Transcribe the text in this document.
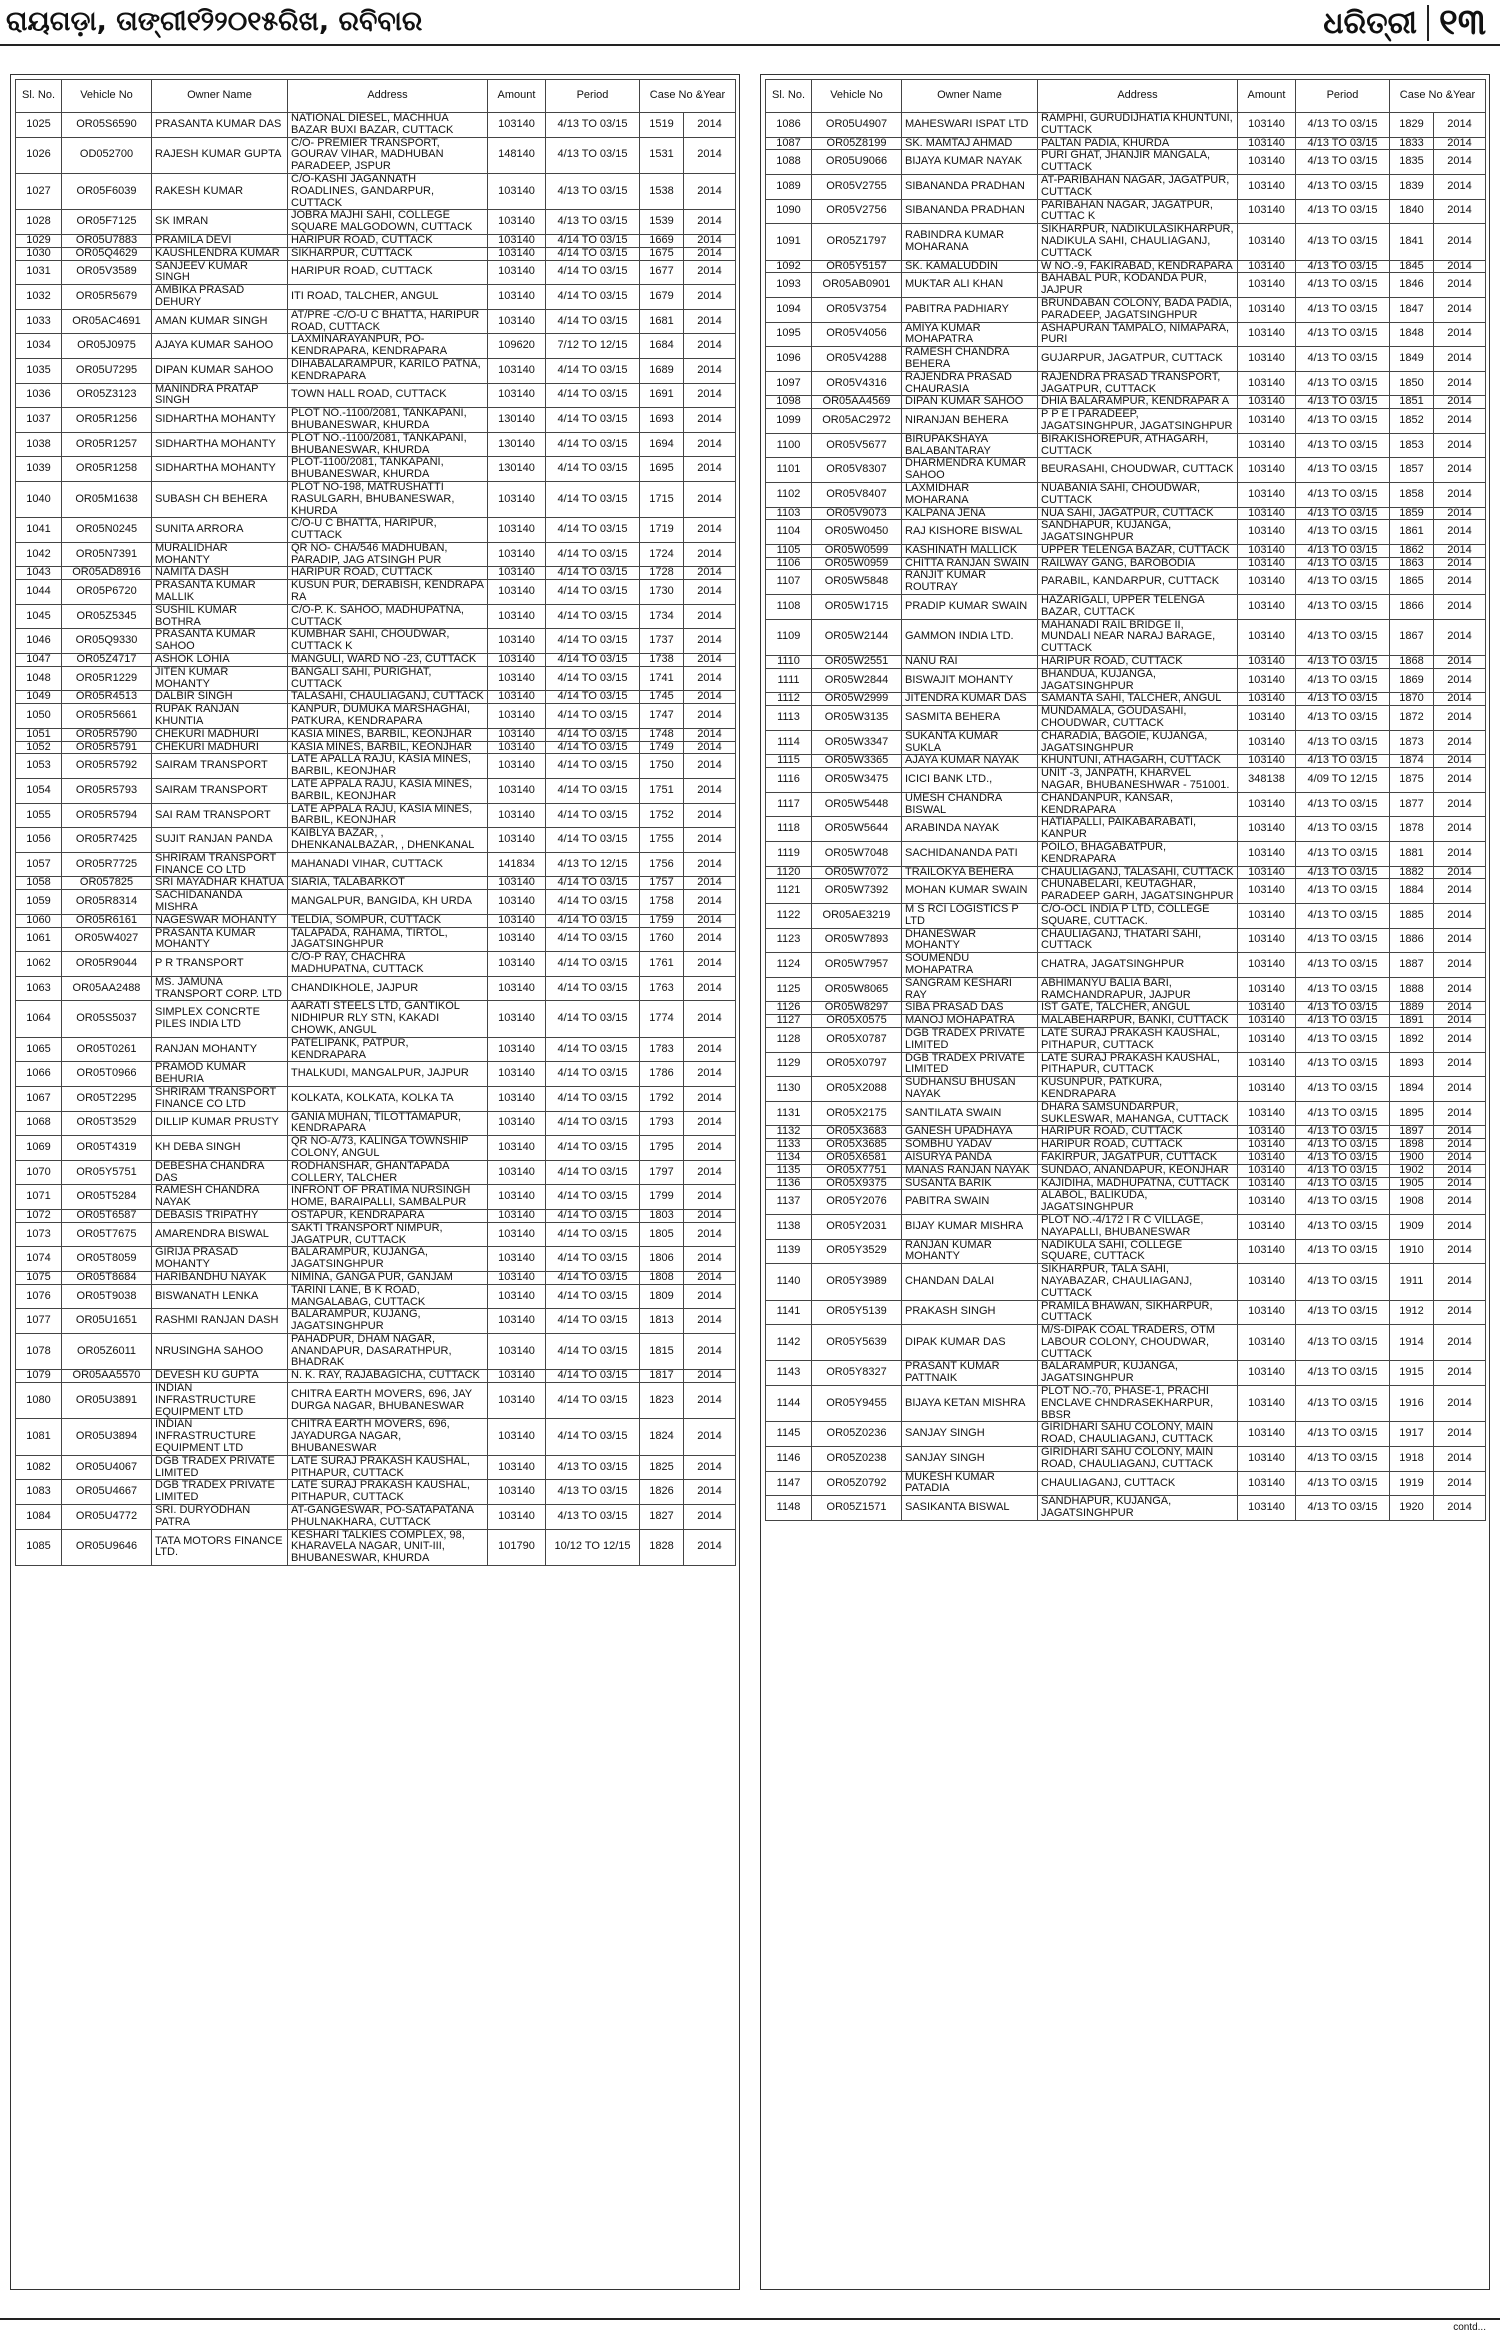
ରାୟଗଡ଼ା, ତାଙ୍ଗୀ୧୨ି୨୦୧୫ରିଖ, ରବିବାର	ଧରିତ୍ରୀ ୧୩
Sl. No.	Vehicle No	Owner Name	Address	Amount	Period	Case No &Year	
1025	OR05S6590	PRASANTA KUMAR DAS	NATIONAL DIESEL, MACHHUA BAZAR BUXI BAZAR, CUTTACK	103140	4/13 TO 03/15	1519	2014
1026	OD052700	RAJESH KUMAR GUPTA	C/O- PREMIER TRANSPORT, GOURAV VIHAR, MADHUBAN PARADEEP, JSPUR	148140	4/13 TO 03/15	1531	2014
1027	OR05F6039	RAKESH KUMAR	C/O-KASHI JAGANNATH ROADLINES, GANDARPUR, CUTTACK	103140	4/13 TO 03/15	1538	2014
1028	OR05F7125	SK IMRAN	JOBRA MAJHI SAHI, COLLEGE SQUARE MALGODOWN, CUTTACK	103140	4/13 TO 03/15	1539	2014
1029	OR05U7883	PRAMILA DEVI	HARIPUR ROAD, CUTTACK	103140	4/14 TO 03/15	1669	2014
1030	OR05Q4629	KAUSHLENDRA KUMAR	SIKHARPUR, CUTTACK	103140	4/14 TO 03/15	1675	2014
1031	OR05V3589	SANJEEV KUMAR SINGH	HARIPUR ROAD, CUTTACK	103140	4/14 TO 03/15	1677	2014
1032	OR05R5679	AMBIKA PRASAD DEHURY	ITI ROAD, TALCHER, ANGUL	103140	4/14 TO 03/15	1679	2014
1033	OR05AC4691	AMAN KUMAR SINGH	AT/PRE -C/O-U C BHATTA, HARIPUR ROAD, CUTTACK	103140	4/14 TO 03/15	1681	2014
1034	OR05J0975	AJAYA KUMAR SAHOO	LAXMINARAYANPUR, PO-KENDRAPARA, KENDRAPARA	109620	7/12 TO 12/15	1684	2014
1035	OR05U7295	DIPAN KUMAR SAHOO	DIHABALARAMPUR, KARILO PATNA, KENDRAPARA	103140	4/14 TO 03/15	1689	2014
1036	OR05Z3123	MANINDRA PRATAP SINGH	TOWN HALL ROAD, CUTTACK	103140	4/14 TO 03/15	1691	2014
1037	OR05R1256	SIDHARTHA MOHANTY	PLOT NO.-1100/2081, TANKAPANI, BHUBANESWAR, KHURDA	130140	4/14 TO 03/15	1693	2014
1038	OR05R1257	SIDHARTHA MOHANTY	PLOT NO.-1100/2081, TANKAPANI, BHUBANESWAR, KHURDA	130140	4/14 TO 03/15	1694	2014
1039	OR05R1258	SIDHARTHA MOHANTY	PLOT-1100/2081, TANKAPANI, BHUBANESWAR, KHURDA	130140	4/14 TO 03/15	1695	2014
1040	OR05M1638	SUBASH CH BEHERA	PLOT NO-198, MATRUSHATTI RASULGARH, BHUBANESWAR, KHURDA	103140	4/14 TO 03/15	1715	2014
1041	OR05N0245	SUNITA ARRORA	C/O-U C BHATTA, HARIPUR, CUTTACK	103140	4/14 TO 03/15	1719	2014
1042	OR05N7391	MURALIDHAR MOHANTY	QR NO- CHA/546 MADHUBAN, PARADIP, JAG ATSINGH PUR	103140	4/14 TO 03/15	1724	2014
1043	OR05AD8916	NAMITA DASH	HARIPUR ROAD, CUTTACK	103140	4/14 TO 03/15	1728	2014
1044	OR05P6720	PRASANTA KUMAR MALLIK	KUSUN PUR, DERABISH, KENDRAPA RA	103140	4/14 TO 03/15	1730	2014
1045	OR05Z5345	SUSHIL KUMAR BOTHRA	C/O-P. K. SAHOO, MADHUPATNA, CUTTACK	103140	4/14 TO 03/15	1734	2014
1046	OR05Q9330	PRASANTA KUMAR SAHOO	KUMBHAR SAHI, CHOUDWAR, CUTTACK K	103140	4/14 TO 03/15	1737	2014
1047	OR05Z4717	ASHOK LOHIA	MANGULI, WARD NO -23, CUTTACK	103140	4/14 TO 03/15	1738	2014
1048	OR05R1229	JITEN KUMAR MOHANTY	BANGALI SAHI, PURIGHAT, CUTTACK	103140	4/14 TO 03/15	1741	2014
1049	OR05R4513	DALBIR SINGH	TALASAHI, CHAULIAGANJ, CUTTACK	103140	4/14 TO 03/15	1745	2014
1050	OR05R5661	RUPAK RANJAN KHUNTIA	KANPUR, DUMUKA MARSHAGHAI, PATKURA, KENDRAPARA	103140	4/14 TO 03/15	1747	2014
1051	OR05R5790	CHEKURI MADHURI	KASIA MINES, BARBIL, KEONJHAR	103140	4/14 TO 03/15	1748	2014
1052	OR05R5791	CHEKURI MADHURI	KASIA MINES, BARBIL, KEONJHAR	103140	4/14 TO 03/15	1749	2014
1053	OR05R5792	SAIRAM TRANSPORT	LATE APALLA RAJU, KASIA MINES, BARBIL, KEONJHAR	103140	4/14 TO 03/15	1750	2014
1054	OR05R5793	SAIRAM TRANSPORT	LATE APPALA RAJU, KASIA MINES, BARBIL, KEONJHAR	103140	4/14 TO 03/15	1751	2014
1055	OR05R5794	SAI RAM TRANSPORT	LATE APPALA RAJU, KASIA MINES, BARBIL, KEONJHAR	103140	4/14 TO 03/15	1752	2014
1056	OR05R7425	SUJIT RANJAN PANDA	KAIBLYA BAZAR, , DHENKANALBAZAR, , DHENKANAL	103140	4/14 TO 03/15	1755	2014
1057	OR05R7725	SHRIRAM TRANSPORT FINANCE CO LTD	MAHANADI VIHAR, CUTTACK	141834	4/13 TO 12/15	1756	2014
1058	OR057825	SRI MAYADHAR KHATUA	SIARIA, TALABARKOT	103140	4/14 TO 03/15	1757	2014
1059	OR05R8314	SACHIDANANDA MISHRA	MANGALPUR, BANGIDA, KH URDA	103140	4/14 TO 03/15	1758	2014
1060	OR05R6161	NAGESWAR MOHANTY	TELDIA, SOMPUR, CUTTACK	103140	4/14 TO 03/15	1759	2014
1061	OR05W4027	PRASANTA KUMAR MOHANTY	TALAPADA, RAHAMA, TIRTOL, JAGATSINGHPUR	103140	4/14 TO 03/15	1760	2014
1062	OR05R9044	P R TRANSPORT	C/O-P RAY, CHACHRA MADHUPATNA, CUTTACK	103140	4/14 TO 03/15	1761	2014
1063	OR05AA2488	MS. JAMUNA TRANSPORT CORP. LTD	CHANDIKHOLE, JAJPUR	103140	4/14 TO 03/15	1763	2014
1064	OR05S5037	SIMPLEX CONCRTE PILES INDIA LTD	AARATI STEELS LTD, GANTIKOL NIDHIPUR RLY STN, KAKADI CHOWK, ANGUL	103140	4/14 TO 03/15	1774	2014
1065	OR05T0261	RANJAN MOHANTY	PATELIPANK, PATPUR, KENDRAPARA	103140	4/14 TO 03/15	1783	2014
1066	OR05T0966	PRAMOD KUMAR BEHURIA	THALKUDI, MANGALPUR, JAJPUR	103140	4/14 TO 03/15	1786	2014
1067	OR05T2295	SHRIRAM TRANSPORT FINANCE CO LTD	KOLKATA, KOLKATA, KOLKA TA	103140	4/14 TO 03/15	1792	2014
1068	OR05T3529	DILLIP KUMAR PRUSTY	GANIA MUHAN, TILOTTAMAPUR, KENDRAPARA	103140	4/14 TO 03/15	1793	2014
1069	OR05T4319	KH DEBA SINGH	QR NO-A/73, KALINGA TOWNSHIP COLONY, ANGUL	103140	4/14 TO 03/15	1795	2014
1070	OR05Y5751	DEBESHA CHANDRA DAS	RODHANSHAR, GHANTAPADA COLLERY, TALCHER	103140	4/14 TO 03/15	1797	2014
1071	OR05T5284	RAMESH CHANDRA NAYAK	INFRONT OF PRATIMA NURSINGH HOME, BARAIPALLI, SAMBALPUR	103140	4/14 TO 03/15	1799	2014
1072	OR05T6587	DEBASIS TRIPATHY	OSTAPUR, KENDRAPARA	103140	4/14 TO 03/15	1803	2014
1073	OR05T7675	AMARENDRA BISWAL	SAKTI TRANSPORT NIMPUR, JAGATPUR, CUTTACK	103140	4/14 TO 03/15	1805	2014
1074	OR05T8059	GIRIJA PRASAD MOHANTY	BALARAMPUR, KUJANGA, JAGATSINGHPUR	103140	4/14 TO 03/15	1806	2014
1075	OR05T8684	HARIBANDHU NAYAK	NIMINA, GANGA PUR, GANJAM	103140	4/14 TO 03/15	1808	2014
1076	OR05T9038	BISWANATH LENKA	TARINI LANE, B K ROAD, MANGALABAG, CUTTACK	103140	4/14 TO 03/15	1809	2014
1077	OR05U1651	RASHMI RANJAN DASH	BALARAMPUR, KUJANG, JAGATSINGHPUR	103140	4/14 TO 03/15	1813	2014
1078	OR05Z6011	NRUSINGHA SAHOO	PAHADPUR, DHAM NAGAR, ANANDAPUR, DASARATHPUR, BHADRAK	103140	4/14 TO 03/15	1815	2014
1079	OR05AA5570	DEVESH KU GUPTA	N. K. RAY, RAJABAGICHA, CUTTACK	103140	4/14 TO 03/15	1817	2014
1080	OR05U3891	INDIAN INFRASTRUCTURE EQUIPMENT LTD	CHITRA EARTH MOVERS, 696, JAY DURGA NAGAR, BHUBANESWAR	103140	4/14 TO 03/15	1823	2014
1081	OR05U3894	INDIAN INFRASTRUCTURE EQUIPMENT LTD	CHITRA EARTH MOVERS, 696, JAYADURGA NAGAR, BHUBANESWAR	103140	4/14 TO 03/15	1824	2014
1082	OR05U4067	DGB TRADEX PRIVATE LIMITED	LATE SURAJ PRAKASH KAUSHAL, PITHAPUR, CUTTACK	103140	4/13 TO 03/15	1825	2014
1083	OR05U4667	DGB TRADEX PRIVATE LIMITED	LATE SURAJ PRAKASH KAUSHAL, PITHAPUR, CUTTACK	103140	4/13 TO 03/15	1826	2014
1084	OR05U4772	SRI. DURYODHAN PATRA	AT-GANGESWAR, PO-SATAPATANA PHULNAKHARA, CUTTACK	103140	4/13 TO 03/15	1827	2014
1085	OR05U9646	TATA MOTORS FINANCE LTD.	KESHARI TALKIES COMPLEX, 98, KHARAVELA NAGAR, UNIT-III, BHUBANESWAR, KHURDA	101790	10/12 TO 12/15	1828	2014
Sl. No.	Vehicle No	Owner Name	Address	Amount	Period	Case No &Year	
1086	OR05U4907	MAHESWARI ISPAT LTD	RAMPHI, GURUDIJHATIA KHUNTUNI, CUTTACK	103140	4/13 TO 03/15	1829	2014
1087	OR05Z8199	SK. MAMTAJ AHMAD	PALTAN PADIA, KHURDA	103140	4/13 TO 03/15	1833	2014
1088	OR05U9066	BIJAYA KUMAR NAYAK	PURI GHAT, JHANJIR MANGALA, CUTTACK	103140	4/13 TO 03/15	1835	2014
1089	OR05V2755	SIBANANDA PRADHAN	AT-PARIBAHAN NAGAR, JAGATPUR, CUTTACK	103140	4/13 TO 03/15	1839	2014
1090	OR05V2756	SIBANANDA PRADHAN	PARIBAHAN NAGAR, JAGATPUR, CUTTAC K	103140	4/13 TO 03/15	1840	2014
1091	OR05Z1797	RABINDRA KUMAR MOHARANA	SIKHARPUR, NADIKULASIKHARPUR, NADIKULA SAHI, CHAULIAGANJ, CUTTACK	103140	4/13 TO 03/15	1841	2014
1092	OR05Y5157	SK. KAMALUDDIN	W NO.-9, FAKIRABAD, KENDRAPARA	103140	4/13 TO 03/15	1845	2014
1093	OR05AB0901	MUKTAR ALI KHAN	BAHABAL PUR, KODANDA PUR, JAJPUR	103140	4/13 TO 03/15	1846	2014
1094	OR05V3754	PABITRA PADHIARY	BRUNDABAN COLONY, BADA PADIA, PARADEEP, JAGATSINGHPUR	103140	4/13 TO 03/15	1847	2014
1095	OR05V4056	AMIYA KUMAR MOHAPATRA	ASHAPURAN TAMPALO, NIMAPARA, PURI	103140	4/13 TO 03/15	1848	2014
1096	OR05V4288	RAMESH CHANDRA BEHERA	GUJARPUR, JAGATPUR, CUTTACK	103140	4/13 TO 03/15	1849	2014
1097	OR05V4316	RAJENDRA PRASAD CHAURASIA	RAJENDRA PRASAD TRANSPORT, JAGATPUR, CUTTACK	103140	4/13 TO 03/15	1850	2014
1098	OR05AA4569	DIPAN KUMAR SAHOO	DHIA BALARAMPUR, KENDRAPAR A	103140	4/13 TO 03/15	1851	2014
1099	OR05AC2972	NIRANJAN BEHERA	P P E I PARADEEP, JAGATSINGHPUR, JAGATSINGHPUR	103140	4/13 TO 03/15	1852	2014
1100	OR05V5677	BIRUPAKSHAYA BALABANTARAY	BIRAKISHOREPUR, ATHAGARH, CUTTACK	103140	4/13 TO 03/15	1853	2014
1101	OR05V8307	DHARMENDRA KUMAR SAHOO	BEURASAHI, CHOUDWAR, CUTTACK	103140	4/13 TO 03/15	1857	2014
1102	OR05V8407	LAXMIDHAR MOHARANA	NUABANIA SAHI, CHOUDWAR, CUTTACK	103140	4/13 TO 03/15	1858	2014
1103	OR05V9073	KALPANA JENA	NUA SAHI, JAGATPUR, CUTTACK	103140	4/13 TO 03/15	1859	2014
1104	OR05W0450	RAJ KISHORE BISWAL	SANDHAPUR, KUJANGA, JAGATSINGHPUR	103140	4/13 TO 03/15	1861	2014
1105	OR05W0599	KASHINATH MALLICK	UPPER TELENGA BAZAR, CUTTACK	103140	4/13 TO 03/15	1862	2014
1106	OR05W0959	CHITTA RANJAN SWAIN	RAILWAY GANG, BAROBODIA	103140	4/13 TO 03/15	1863	2014
1107	OR05W5848	RANJIT KUMAR ROUTRAY	PARABIL, KANDARPUR, CUTTACK	103140	4/13 TO 03/15	1865	2014
1108	OR05W1715	PRADIP KUMAR SWAIN	HAZARIGALI, UPPER TELENGA BAZAR, CUTTACK	103140	4/13 TO 03/15	1866	2014
1109	OR05W2144	GAMMON INDIA LTD.	MAHANADI RAIL BRIDGE II, MUNDALI NEAR NARAJ BARAGE, CUTTACK	103140	4/13 TO 03/15	1867	2014
1110	OR05W2551	NANU RAI	HARIPUR ROAD, CUTTACK	103140	4/13 TO 03/15	1868	2014
1111	OR05W2844	BISWAJIT MOHANTY	BHANDUA, KUJANGA, JAGATSINGHPUR	103140	4/13 TO 03/15	1869	2014
1112	OR05W2999	JITENDRA KUMAR DAS	SAMANTA SAHI, TALCHER, ANGUL	103140	4/13 TO 03/15	1870	2014
1113	OR05W3135	SASMITA BEHERA	MUNDAMALA, GOUDASAHI, CHOUDWAR, CUTTACK	103140	4/13 TO 03/15	1872	2014
1114	OR05W3347	SUKANTA KUMAR SUKLA	CHARADIA, BAGOIE, KUJANGA, JAGATSINGHPUR	103140	4/13 TO 03/15	1873	2014
1115	OR05W3365	AJAYA KUMAR NAYAK	KHUNTUNI, ATHAGARH, CUTTACK	103140	4/13 TO 03/15	1874	2014
1116	OR05W3475	ICICI BANK LTD.,	UNIT -3, JANPATH, KHARVEL NAGAR, BHUBANESHWAR - 751001.	348138	4/09 TO 12/15	1875	2014
1117	OR05W5448	UMESH CHANDRA BISWAL	CHANDANPUR, KANSAR, KENDRAPARA	103140	4/13 TO 03/15	1877	2014
1118	OR05W5644	ARABINDA NAYAK	HATIAPALLI, PAIKABARABATI, KANPUR	103140	4/13 TO 03/15	1878	2014
1119	OR05W7048	SACHIDANANDA PATI	POILO, BHAGABATPUR, KENDRAPARA	103140	4/13 TO 03/15	1881	2014
1120	OR05W7072	TRAILOKYA BEHERA	CHAULIAGANJ, TALASAHI, CUTTACK	103140	4/13 TO 03/15	1882	2014
1121	OR05W7392	MOHAN KUMAR SWAIN	CHUNABELARI, KEUTAGHAR, PARADEEP GARH, JAGATSINGHPUR	103140	4/13 TO 03/15	1884	2014
1122	OR05AE3219	M S RCI LOGISTICS P LTD	C/O-OCL INDIA P LTD, COLLEGE SQUARE, CUTTACK.	103140	4/13 TO 03/15	1885	2014
1123	OR05W7893	DHANESWAR MOHANTY	CHAULIAGANJ, THATARI SAHI, CUTTACK	103140	4/13 TO 03/15	1886	2014
1124	OR05W7957	SOUMENDU MOHAPATRA	CHATRA, JAGATSINGHPUR	103140	4/13 TO 03/15	1887	2014
1125	OR05W8065	SANGRAM KESHARI RAY	ABHIMANYU BALIA BARI, RAMCHANDRAPUR, JAJPUR	103140	4/13 TO 03/15	1888	2014
1126	OR05W8297	SIBA PRASAD DAS	IST GATE, TALCHER, ANGUL	103140	4/13 TO 03/15	1889	2014
1127	OR05X0575	MANOJ MOHAPATRA	MALABEHARPUR, BANKI, CUTTACK	103140	4/13 TO 03/15	1891	2014
1128	OR05X0787	DGB TRADEX PRIVATE LIMITED	LATE SURAJ PRAKASH KAUSHAL, PITHAPUR, CUTTACK	103140	4/13 TO 03/15	1892	2014
1129	OR05X0797	DGB TRADEX PRIVATE LIMITED	LATE SURAJ PRAKASH KAUSHAL, PITHAPUR, CUTTACK	103140	4/13 TO 03/15	1893	2014
1130	OR05X2088	SUDHANSU BHUSAN NAYAK	KUSUNPUR, PATKURA, KENDRAPARA	103140	4/13 TO 03/15	1894	2014
1131	OR05X2175	SANTILATA SWAIN	DHARA SAMSUNDARPUR, SUKLESWAR, MAHANGA, CUTTACK	103140	4/13 TO 03/15	1895	2014
1132	OR05X3683	GANESH UPADHAYA	HARIPUR ROAD, CUTTACK	103140	4/13 TO 03/15	1897	2014
1133	OR05X3685	SOMBHU YADAV	HARIPUR ROAD, CUTTACK	103140	4/13 TO 03/15	1898	2014
1134	OR05X6581	AISURYA PANDA	FAKIRPUR, JAGATPUR, CUTTACK	103140	4/13 TO 03/15	1900	2014
1135	OR05X7751	MANAS RANJAN NAYAK	SUNDAO, ANANDAPUR, KEONJHAR	103140	4/13 TO 03/15	1902	2014
1136	OR05X9375	SUSANTA BARIK	KAJIDIHA, MADHUPATNA, CUTTACK	103140	4/13 TO 03/15	1905	2014
1137	OR05Y2076	PABITRA SWAIN	ALABOL, BALIKUDA, JAGATSINGHPUR	103140	4/13 TO 03/15	1908	2014
1138	OR05Y2031	BIJAY KUMAR MISHRA	PLOT NO.-4/172 I R C VILLAGE, NAYAPALLI, BHUBANESWAR	103140	4/13 TO 03/15	1909	2014
1139	OR05Y3529	RANJAN KUMAR MOHANTY	NADIKULA SAHI, COLLEGE SQUARE, CUTTACK	103140	4/13 TO 03/15	1910	2014
1140	OR05Y3989	CHANDAN DALAI	SIKHARPUR, TALA SAHI, NAYABAZAR, CHAULIAGANJ, CUTTACK	103140	4/13 TO 03/15	1911	2014
1141	OR05Y5139	PRAKASH SINGH	PRAMILA BHAWAN, SIKHARPUR, CUTTACK	103140	4/13 TO 03/15	1912	2014
1142	OR05Y5639	DIPAK KUMAR DAS	M/S-DIPAK COAL TRADERS, OTM LABOUR COLONY, CHOUDWAR, CUTTACK	103140	4/13 TO 03/15	1914	2014
1143	OR05Y8327	PRASANT KUMAR PATTNAIK	BALARAMPUR, KUJANGA, JAGATSINGHPUR	103140	4/13 TO 03/15	1915	2014
1144	OR05Y9455	BIJAYA KETAN MISHRA	PLOT NO.-70, PHASE-1, PRACHI ENCLAVE CHNDRASEKHARPUR, BBSR	103140	4/13 TO 03/15	1916	2014
1145	OR05Z0236	SANJAY SINGH	GIRIDHARI SAHU COLONY, MAIN ROAD, CHAULIAGANJ, CUTTACK	103140	4/13 TO 03/15	1917	2014
1146	OR05Z0238	SANJAY SINGH	GIRIDHARI SAHU COLONY, MAIN ROAD, CHAULIAGANJ, CUTTACK	103140	4/13 TO 03/15	1918	2014
1147	OR05Z0792	MUKESH KUMAR PATADIA	CHAULIAGANJ, CUTTACK	103140	4/13 TO 03/15	1919	2014
1148	OR05Z1571	SASIKANTA BISWAL	SANDHAPUR, KUJANGA, JAGATSINGHPUR	103140	4/13 TO 03/15	1920	2014
contd...
